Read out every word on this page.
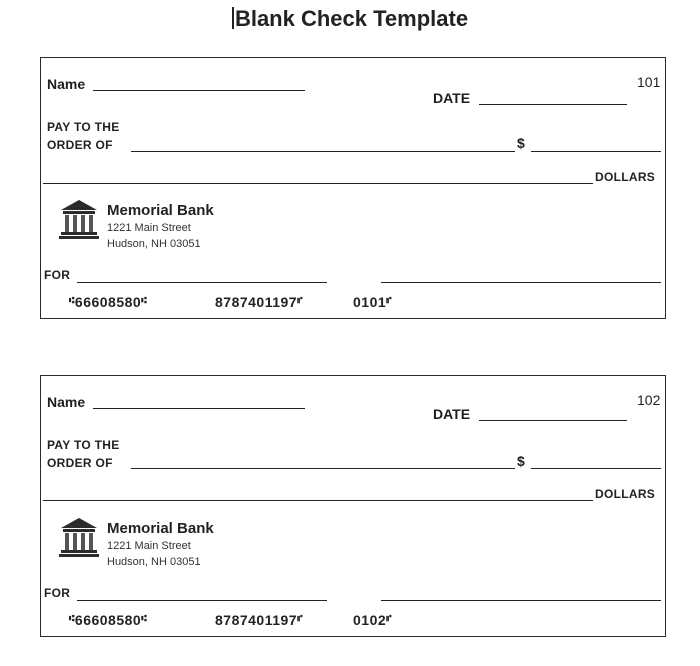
Blank Check Template
Name	101
DATE
PAY TO THE
ORDER OF	$
DOLLARS
Memorial Bank
1221 Main Street
Hudson, NH 03051
FOR
⑆66608580⑆	8787401197⑈	0101⑈
Name	102
DATE
PAY TO THE
ORDER OF	$
DOLLARS
Memorial Bank
1221 Main Street
Hudson, NH 03051
FOR
⑆66608580⑆	8787401197⑈	0102⑈
